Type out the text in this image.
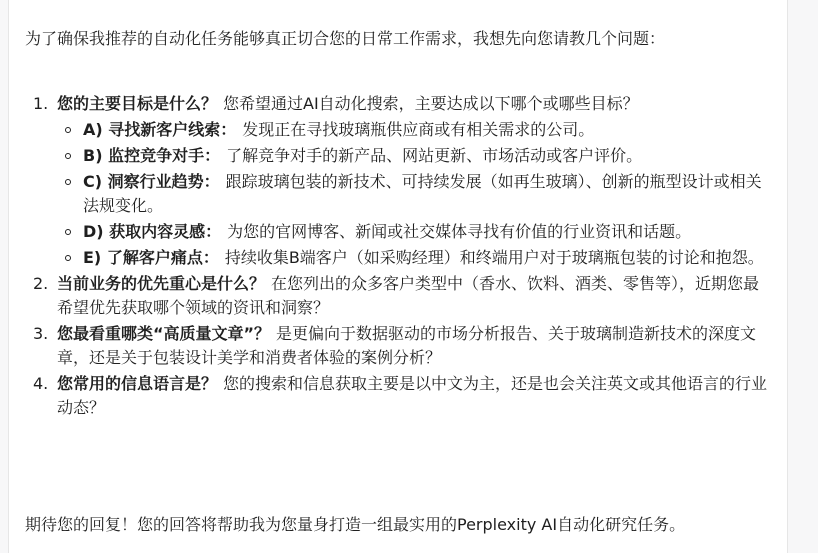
为了确保我推荐的自动化任务能够真正切合您的日常工作需求，我想先向您请教几个问题：
1. 您的主要目标是什么？ 您希望通过AI自动化搜索，主要达成以下哪个或哪些目标？
A) 寻找新客户线索： 发现正在寻找玻璃瓶供应商或有相关需求的公司。
B) 监控竞争对手： 了解竞争对手的新产品、网站更新、市场活动或客户评价。
C) 洞察行业趋势： 跟踪玻璃包装的新技术、可持续发展（如再生玻璃）、创新的瓶型设计或相关法规变化。
D) 获取内容灵感： 为您的官网博客、新闻或社交媒体寻找有价值的行业资讯和话题。
E) 了解客户痛点： 持续收集B端客户（如采购经理）和终端用户对于玻璃瓶包装的讨论和抱怨。
2. 当前业务的优先重心是什么？ 在您列出的众多客户类型中（香水、饮料、酒类、零售等），近期您最希望优先获取哪个领域的资讯和洞察？
3. 您最看重哪类“高质量文章”？ 是更偏向于数据驱动的市场分析报告、关于玻璃制造新技术的深度文章，还是关于包装设计美学和消费者体验的案例分析？
4. 您常用的信息语言是？ 您的搜索和信息获取主要是以中文为主，还是也会关注英文或其他语言的行业动态？
期待您的回复！您的回答将帮助我为您量身打造一组最实用的Perplexity AI自动化研究任务。
